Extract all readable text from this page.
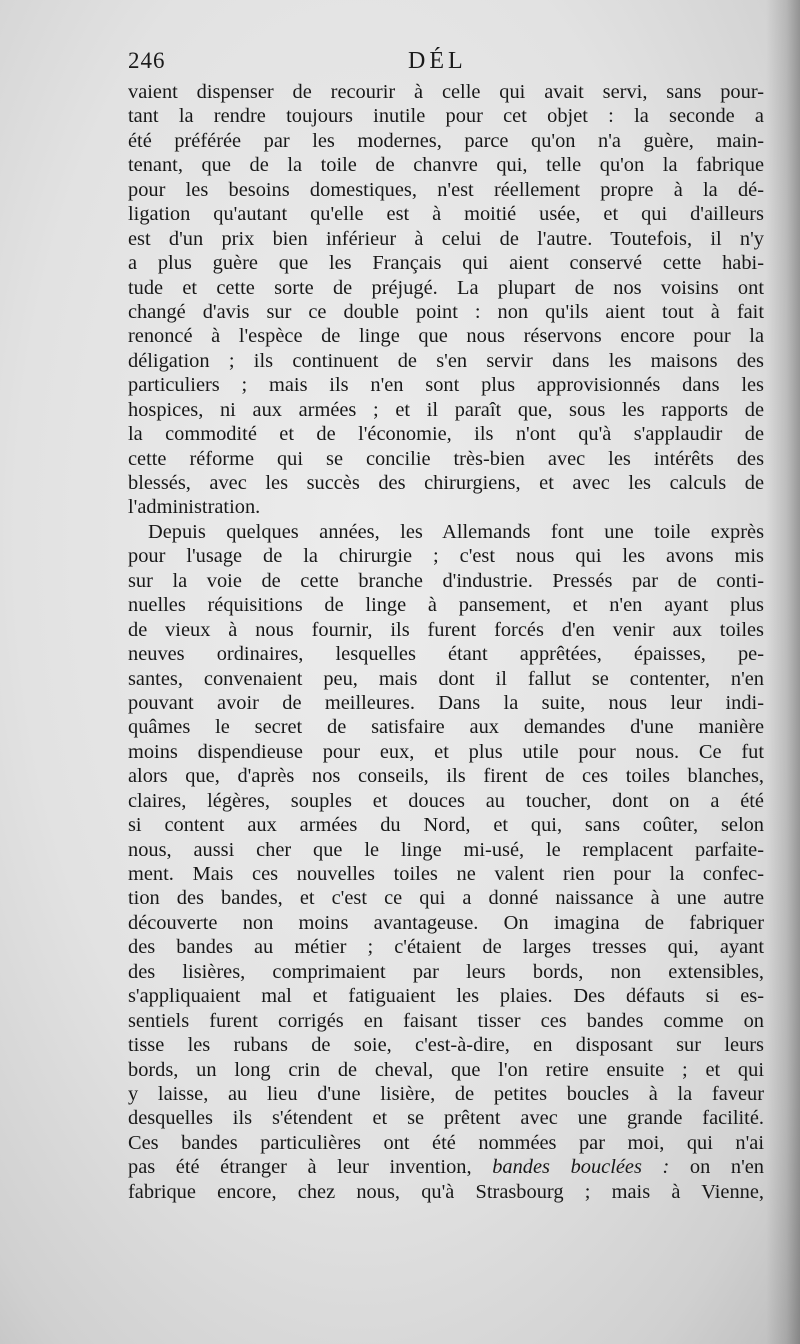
246	DÉL
vaient dispenser de recourir à celle qui avait servi, sans pour-
tant la rendre toujours inutile pour cet objet : la seconde a
été préférée par les modernes, parce qu'on n'a guère, main-
tenant, que de la toile de chanvre qui, telle qu'on la fabrique
pour les besoins domestiques, n'est réellement propre à la dé-
ligation qu'autant qu'elle est à moitié usée, et qui d'ailleurs
est d'un prix bien inférieur à celui de l'autre. Toutefois, il n'y
a plus guère que les Français qui aient conservé cette habi-
tude et cette sorte de préjugé. La plupart de nos voisins ont
changé d'avis sur ce double point : non qu'ils aient tout à fait
renoncé à l'espèce de linge que nous réservons encore pour la
déligation ; ils continuent de s'en servir dans les maisons des
particuliers ; mais ils n'en sont plus approvisionnés dans les
hospices, ni aux armées ; et il paraît que, sous les rapports de
la commodité et de l'économie, ils n'ont qu'à s'applaudir de
cette réforme qui se concilie très-bien avec les intérêts des
blessés, avec les succès des chirurgiens, et avec les calculs de
l'administration.
Depuis quelques années, les Allemands font une toile exprès
pour l'usage de la chirurgie ; c'est nous qui les avons mis
sur la voie de cette branche d'industrie. Pressés par de conti-
nuelles réquisitions de linge à pansement, et n'en ayant plus
de vieux à nous fournir, ils furent forcés d'en venir aux toiles
neuves ordinaires, lesquelles étant apprêtées, épaisses, pe-
santes, convenaient peu, mais dont il fallut se contenter, n'en
pouvant avoir de meilleures. Dans la suite, nous leur indi-
quâmes le secret de satisfaire aux demandes d'une manière
moins dispendieuse pour eux, et plus utile pour nous. Ce fut
alors que, d'après nos conseils, ils firent de ces toiles blanches,
claires, légères, souples et douces au toucher, dont on a été
si content aux armées du Nord, et qui, sans coûter, selon
nous, aussi cher que le linge mi-usé, le remplacent parfaite-
ment. Mais ces nouvelles toiles ne valent rien pour la confec-
tion des bandes, et c'est ce qui a donné naissance à une autre
découverte non moins avantageuse. On imagina de fabriquer
des bandes au métier ; c'étaient de larges tresses qui, ayant
des lisières, comprimaient par leurs bords, non extensibles,
s'appliquaient mal et fatiguaient les plaies. Des défauts si es-
sentiels furent corrigés en faisant tisser ces bandes comme on
tisse les rubans de soie, c'est-à-dire, en disposant sur leurs
bords, un long crin de cheval, que l'on retire ensuite ; et qui
y laisse, au lieu d'une lisière, de petites boucles à la faveur
desquelles ils s'étendent et se prêtent avec une grande facilité.
Ces bandes particulières ont été nommées par moi, qui n'ai
pas été étranger à leur invention, bandes bouclées : on n'en
fabrique encore, chez nous, qu'à Strasbourg ; mais à Vienne,
